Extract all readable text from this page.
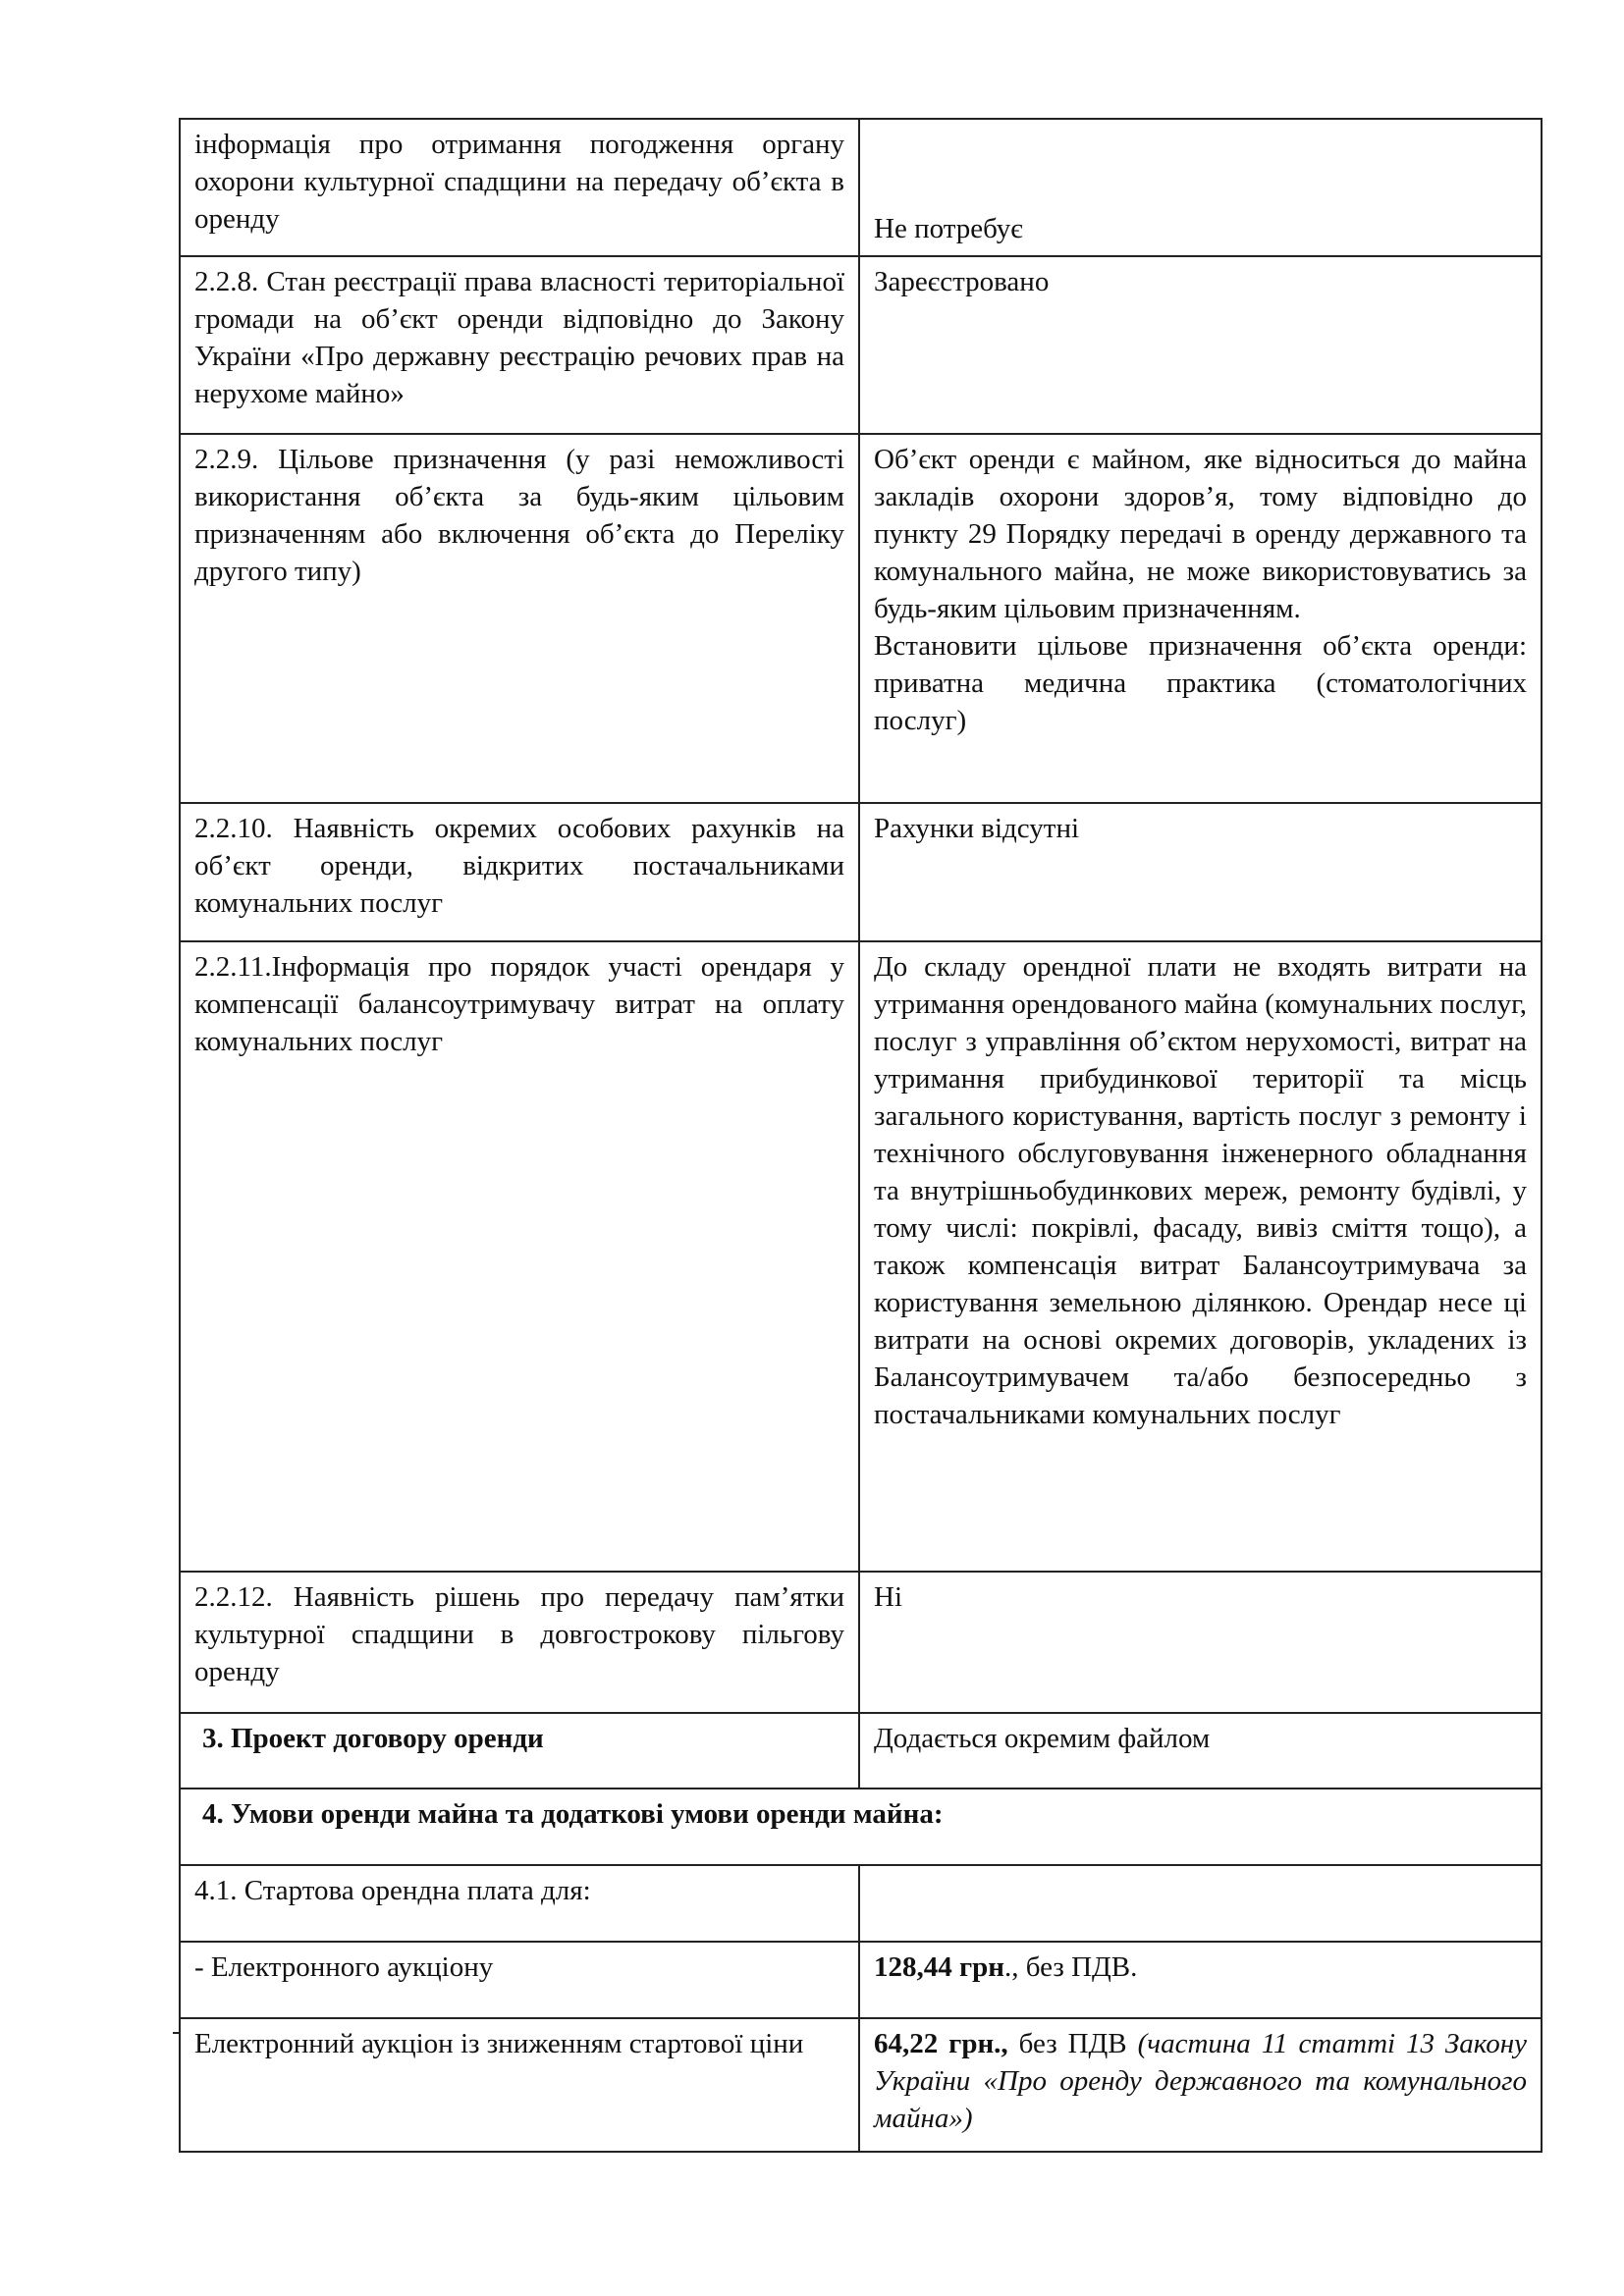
інформація про отримання погодження органу охорони культурної спадщини на передачу об’єкта в оренду	Не потребує

2.2.8. Стан реєстрації права власності територіальної громади на об’єкт оренди відповідно до Закону України «Про державну реєстрацію речових прав на нерухоме майно»	Зареєстровано

2.2.9. Цільове призначення (у разі неможливості використання об’єкта за будь-яким цільовим призначенням або включення об’єкта до Переліку другого типу)	Об’єкт оренди є майном, яке відноситься до майна закладів охорони здоров’я, тому відповідно до пункту 29 Порядку передачі в оренду державного та комунального майна, не може використовуватись за будь-яким цільовим призначенням.
Встановити цільове призначення об’єкта оренди: приватна медична практика (стоматологічних послуг)

2.2.10. Наявність окремих особових рахунків на об’єкт оренди, відкритих постачальниками комунальних послуг	Рахунки відсутні

2.2.11.Інформація про порядок участі орендаря у компенсації балансоутримувачу витрат на оплату комунальних послуг	До складу орендної плати не входять витрати на утримання орендованого майна (комунальних послуг, послуг з управління об’єктом нерухомості, витрат на утримання прибудинкової території та місць загального користування, вартість послуг з ремонту і технічного обслуговування інженерного обладнання та внутрішньобудинкових мереж, ремонту будівлі, у тому числі: покрівлі, фасаду, вивіз сміття тощо), а також компенсація витрат Балансоутримувача за користування земельною ділянкою. Орендар несе ці витрати на основі окремих договорів, укладених із Балансоутримувачем та/або безпосередньо з постачальниками комунальних послуг

2.2.12. Наявність рішень про передачу пам’ятки культурної спадщини в довгострокову пільгову оренду	Ні
3. Проект договору оренди	Додається окремим файлом
4. Умови оренди майна та додаткові умови оренди майна:	
4.1. Стартова орендна плата для:	
- Електронного аукціону	128,44 грн., без ПДВ.

Електронний аукціон із зниженням стартової ціни	64,22 грн., без ПДВ (частина 11 статті 13 Закону України «Про оренду державного та комунального майна»)
